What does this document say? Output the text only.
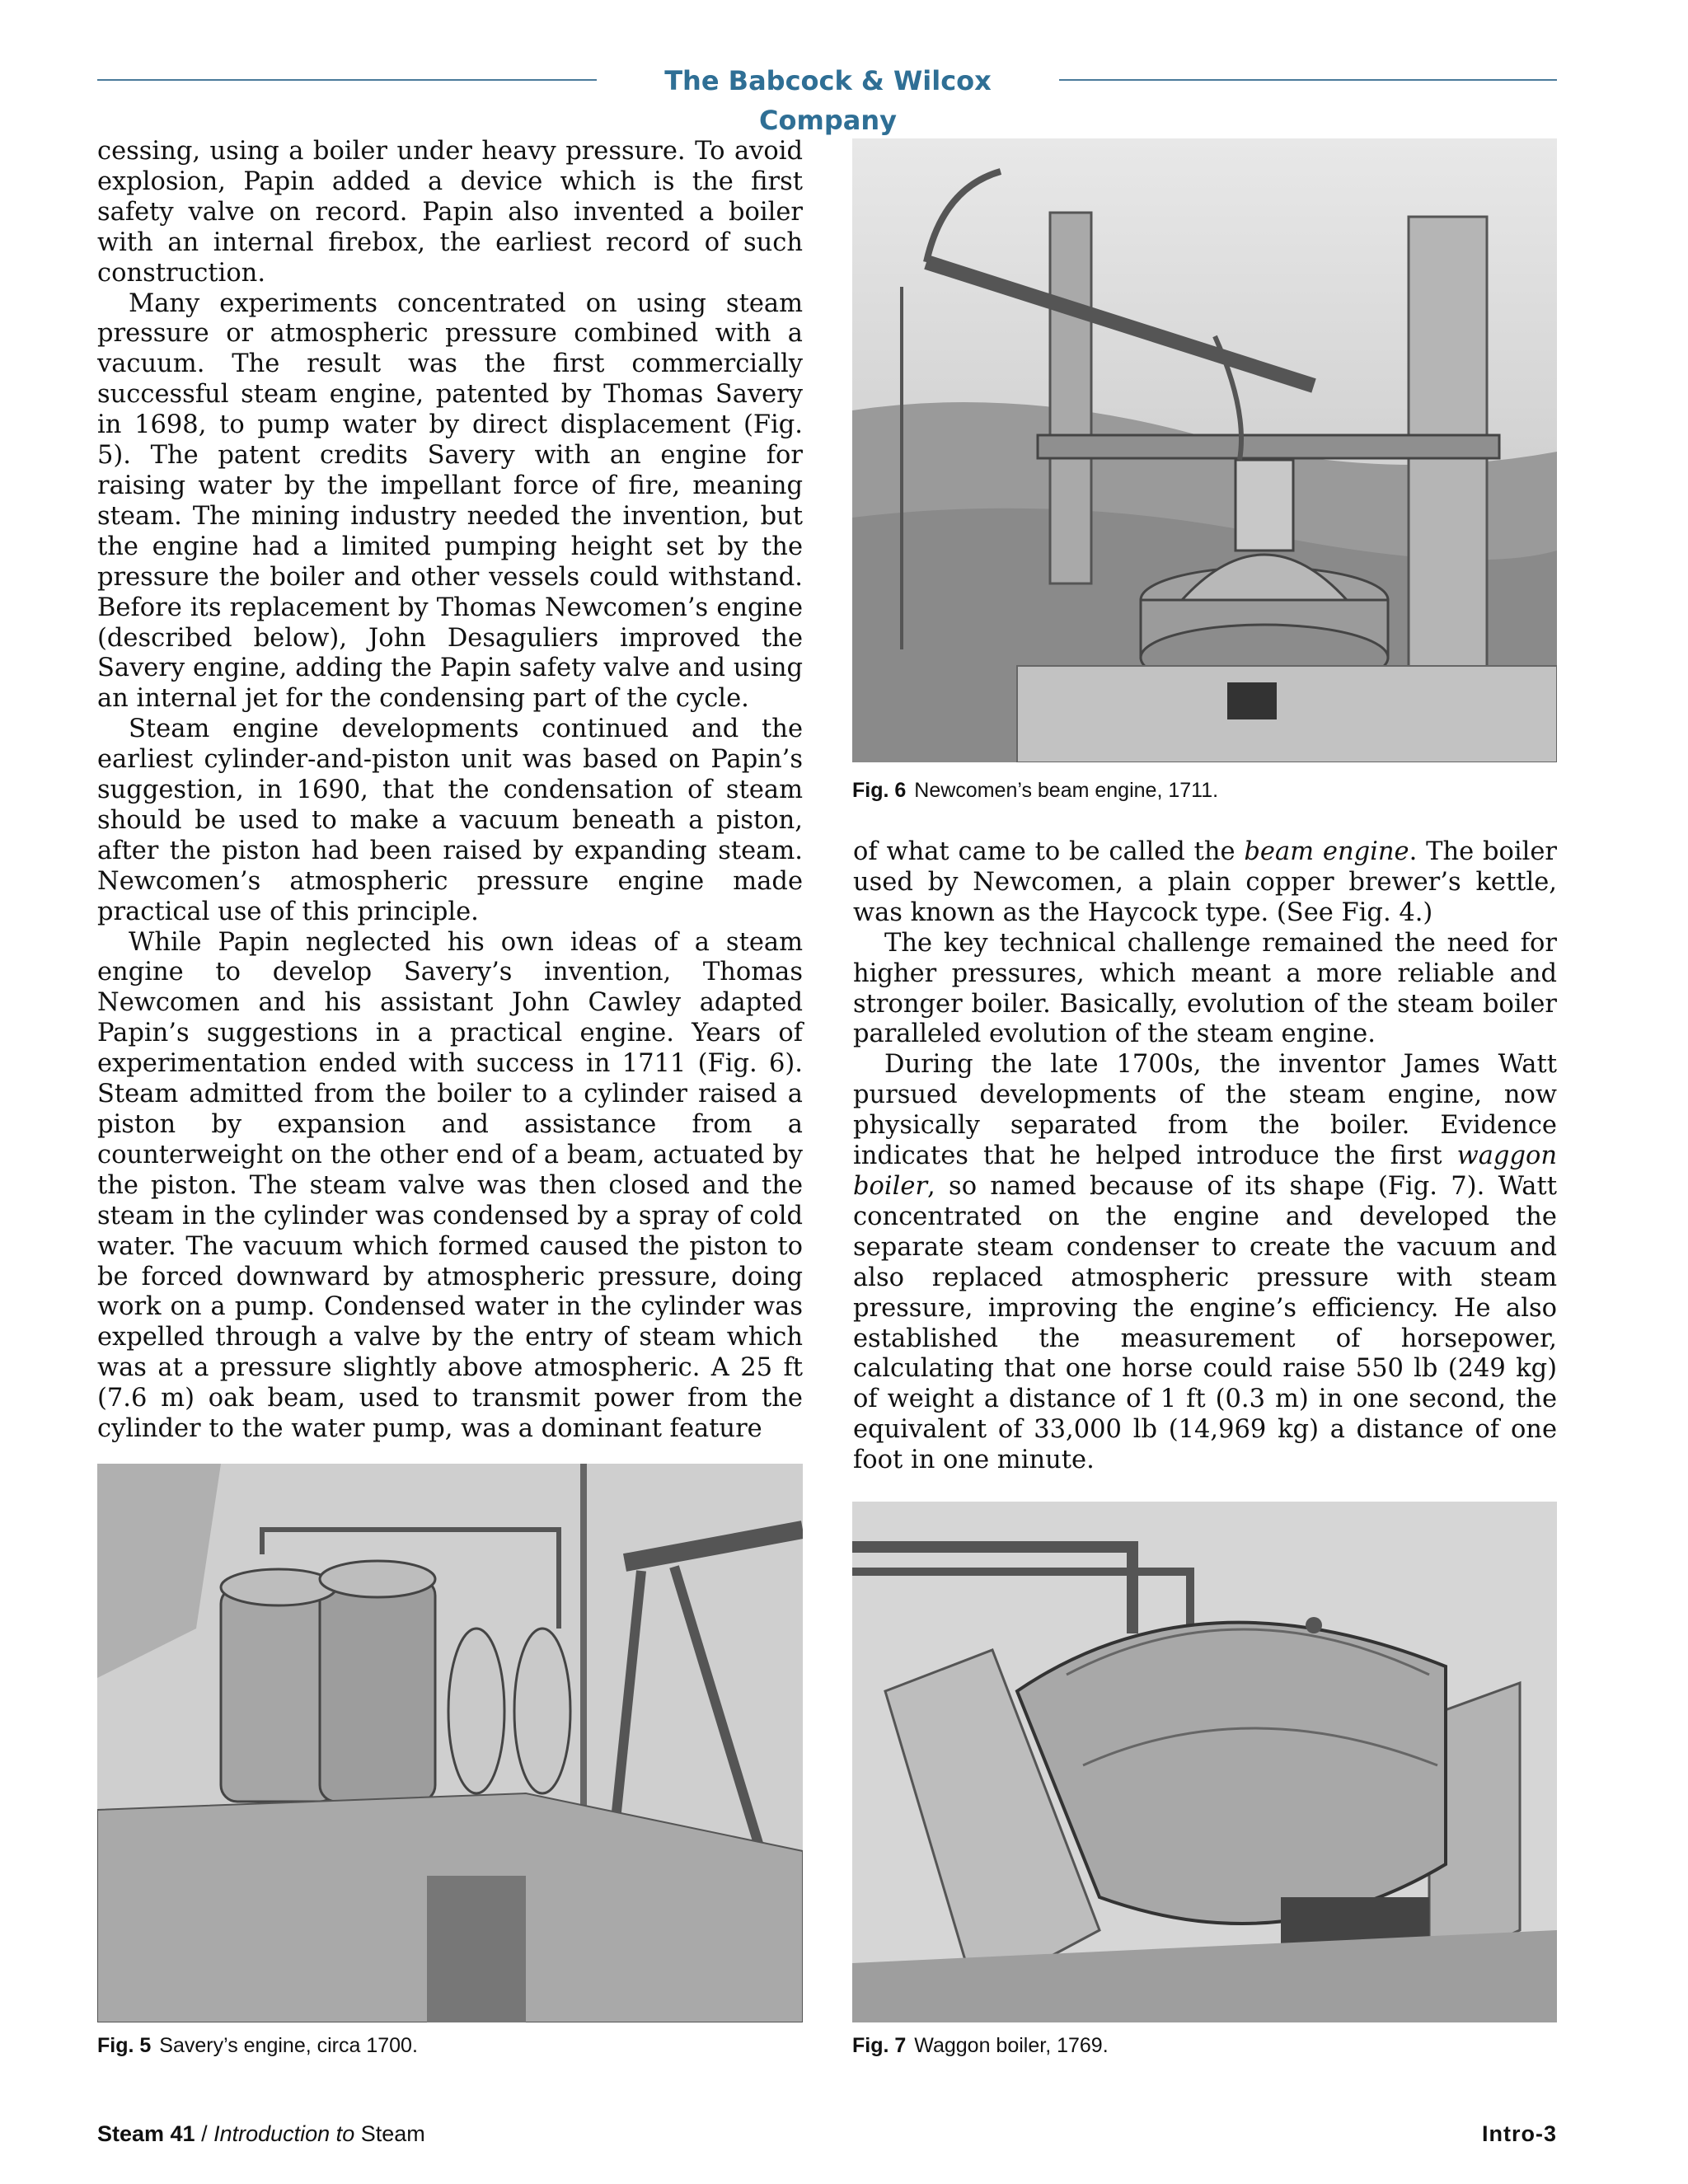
The Babcock & Wilcox Company

cessing, using a boiler under heavy pressure. To avoid explosion, Papin added a device which is the first safety valve on record. Papin also invented a boiler with an internal firebox, the earliest record of such construction.

Many experiments concentrated on using steam pressure or atmospheric pressure combined with a vacuum. The result was the first commercially successful steam engine, patented by Thomas Savery in 1698, to pump water by direct displacement (Fig. 5). The patent credits Savery with an engine for raising water by the impellant force of fire, meaning steam. The mining industry needed the invention, but the engine had a limited pumping height set by the pressure the boiler and other vessels could withstand. Before its replacement by Thomas Newcomen’s engine (described below), John Desaguliers improved the Savery engine, adding the Papin safety valve and using an internal jet for the condensing part of the cycle.

Steam engine developments continued and the earliest cylinder-and-piston unit was based on Papin’s suggestion, in 1690, that the condensation of steam should be used to make a vacuum beneath a piston, after the piston had been raised by expanding steam. Newcomen’s atmospheric pressure engine made practical use of this principle.

While Papin neglected his own ideas of a steam engine to develop Savery’s invention, Thomas Newcomen and his assistant John Cawley adapted Papin’s suggestions in a practical engine. Years of experimentation ended with success in 1711 (Fig. 6). Steam admitted from the boiler to a cylinder raised a piston by expansion and assistance from a counterweight on the other end of a beam, actuated by the piston. The steam valve was then closed and the steam in the cylinder was condensed by a spray of cold water. The vacuum which formed caused the piston to be forced downward by atmospheric pressure, doing work on a pump. Condensed water in the cylinder was expelled through a valve by the entry of steam which was at a pressure slightly above atmospheric. A 25 ft (7.6 m) oak beam, used to transmit power from the cylinder to the water pump, was a dominant feature

Fig. 6 Newcomen’s beam engine, 1711.

of what came to be called the beam engine. The boiler used by Newcomen, a plain copper brewer’s kettle, was known as the Haycock type. (See Fig. 4.)

The key technical challenge remained the need for higher pressures, which meant a more reliable and stronger boiler. Basically, evolution of the steam boiler paralleled evolution of the steam engine.

During the late 1700s, the inventor James Watt pursued developments of the steam engine, now physically separated from the boiler. Evidence indicates that he helped introduce the first waggon boiler, so named because of its shape (Fig. 7). Watt concentrated on the engine and developed the separate steam condenser to create the vacuum and also replaced atmospheric pressure with steam pressure, improving the engine’s efficiency. He also established the measurement of horsepower, calculating that one horse could raise 550 lb (249 kg) of weight a distance of 1 ft (0.3 m) in one second, the equivalent of 33,000 lb (14,969 kg) a distance of one foot in one minute.

Fig. 5 Savery’s engine, circa 1700.	Fig. 7 Waggon boiler, 1769.
Steam 41 / Introduction to Steam	Intro-3
